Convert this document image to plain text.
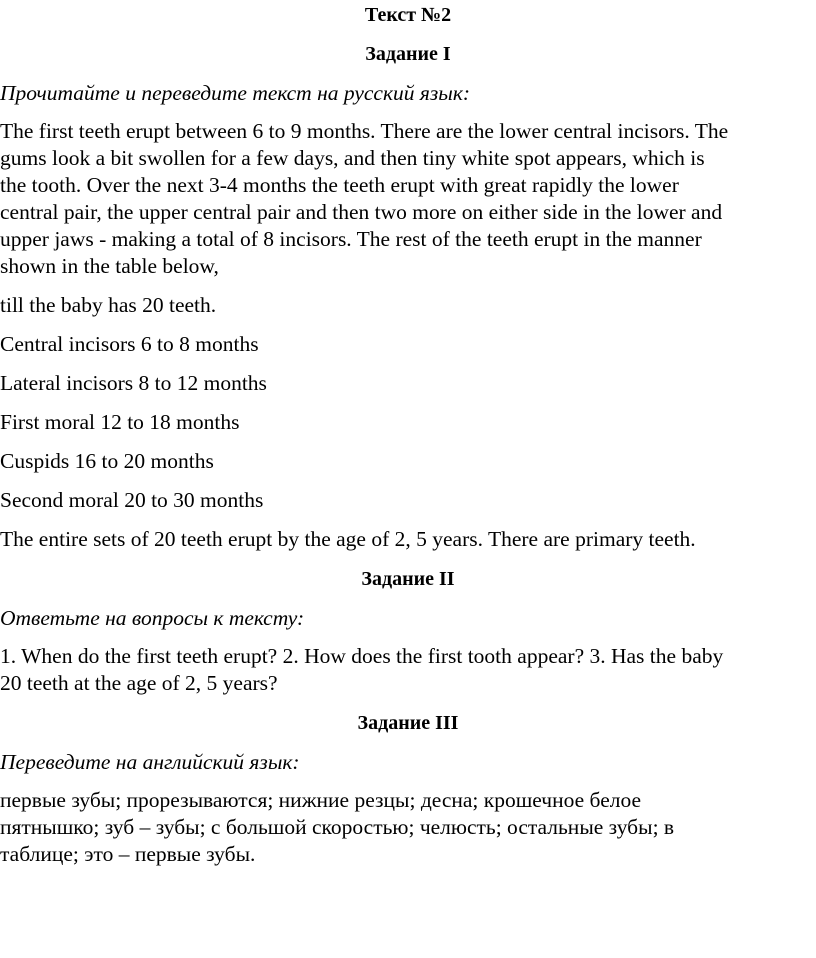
Текст №2
Задание I
Прочитайте и переведите текст на русский язык:
The first teeth erupt between 6 to 9 months. There are the lower central incisors. The
gums look a bit swollen for a few days, and then tiny white spot appears, which is
the tooth. Over the next 3-4 months the teeth erupt with great rapidly the lower
central pair, the upper central pair and then two more on either side in the lower and
upper jaws - making a total of 8 incisors. The rest of the teeth erupt in the manner
shown in the table below,
till the baby has 20 teeth.
Central incisors 6 to 8 months
Lateral incisors 8 to 12 months
First moral 12 to 18 months
Cuspids 16 to 20 months
Second moral 20 to 30 months
The entire sets of 20 teeth erupt by the age of 2, 5 years. There are primary teeth.
Задание II
Ответьте на вопросы к тексту:
1. When do the first teeth erupt? 2. How does the first tooth appear? 3. Has the baby
20 teeth at the age of 2, 5 years?
Задание III
Переведите на английский язык:
первые зубы; прорезываются; нижние резцы; десна; крошечное белое
пятнышко; зуб – зубы; с большой скоростью; челюсть; остальные зубы; в
таблице; это – первые зубы.
